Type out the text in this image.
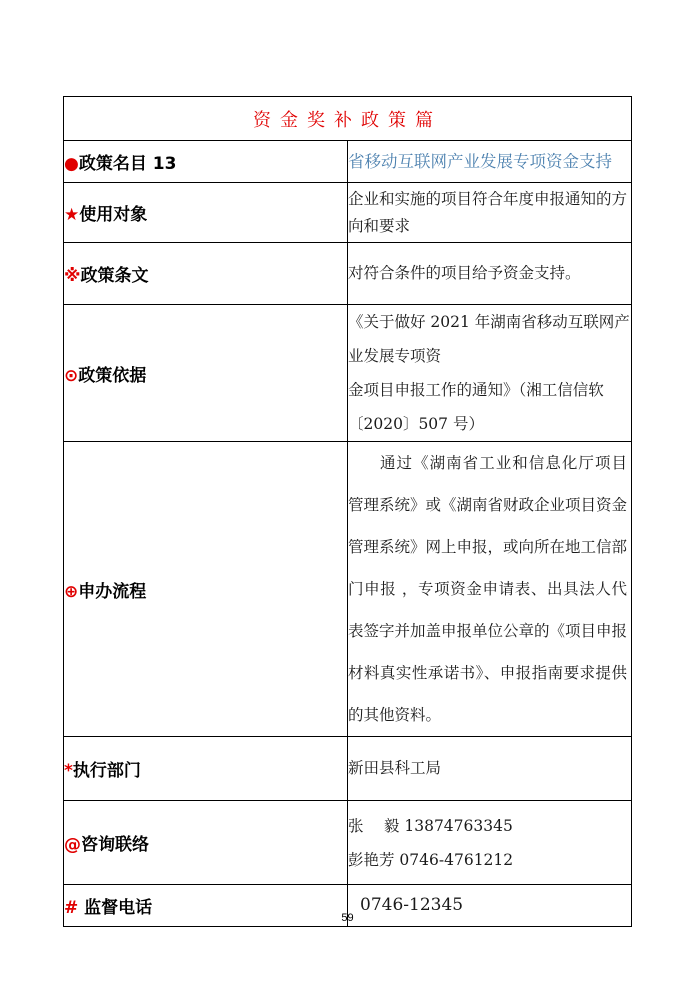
资金奖补政策篇	
●政策名目 13	省移动互联网产业发展专项资金支持
★使用对象	企业和实施的项目符合年度申报通知的方向和要求
※政策条文	对符合条件的项目给予资金支持。
⊙政策依据	《关于做好 2021 年湖南省移动互联网产业发展专项资
金项目申报工作的通知》（湘工信信软〔2020〕507 号）

⊕申办流程	通过《湖南省工业和信息化厅项目管理系统》或《湖南省财政企业项目资金管理系统》网上申报，或向所在地工信部门申报 ，专项资金申请表、出具法人代表签字并加盖申报单位公章的《项目申报材料真实性承诺书》、申报指南要求提供的其他资料。
*执行部门	新田县科工局
@咨询联络	张　 毅 13874763345
彭艳芳 0746-4761212

# 监督电话	0746-12345
59
